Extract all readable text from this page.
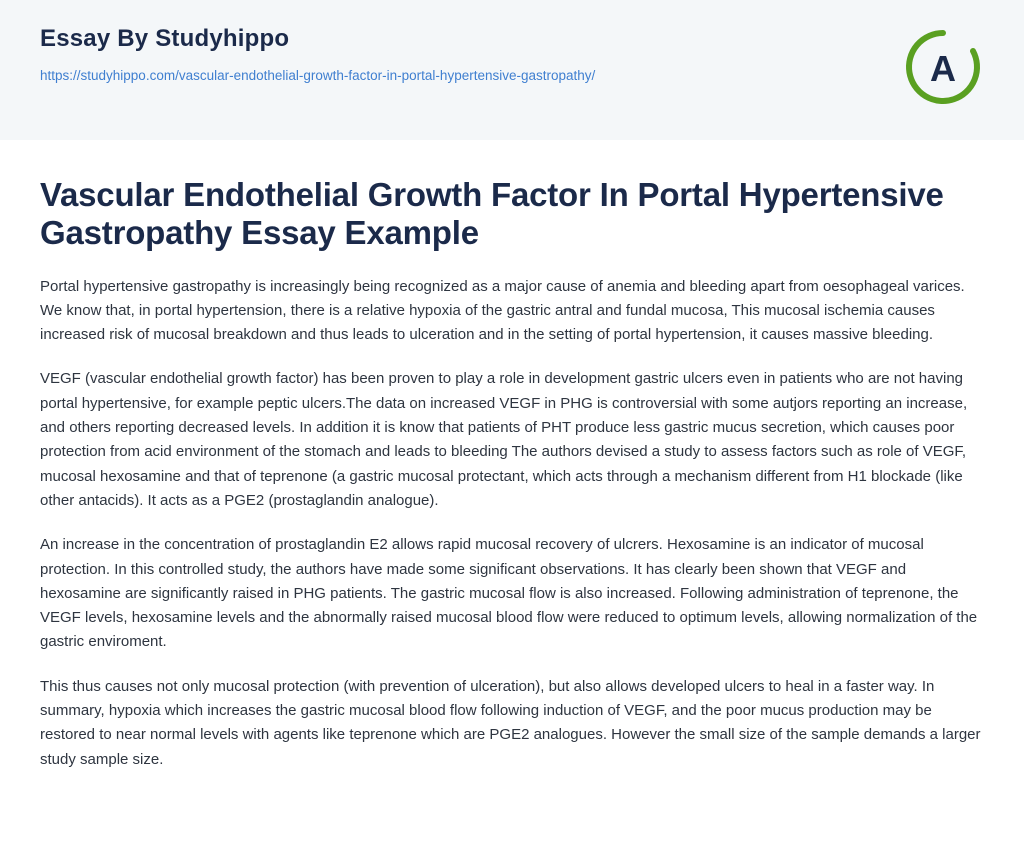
Essay By Studyhippo
https://studyhippo.com/vascular-endothelial-growth-factor-in-portal-hypertensive-gastropathy/	A
Vascular Endothelial Growth Factor In Portal Hypertensive Gastropathy Essay Example

Portal hypertensive gastropathy is increasingly being recognized as a major cause of anemia and bleeding apart from oesophageal varices. We know that, in portal hypertension, there is a relative hypoxia of the gastric antral and fundal mucosa, This mucosal ischemia causes increased risk of mucosal breakdown and thus leads to ulceration and in the setting of portal hypertension, it causes massive bleeding.

VEGF (vascular endothelial growth factor) has been proven to play a role in development gastric ulcers even in patients who are not having portal hypertensive, for example peptic ulcers.The data on increased VEGF in PHG is controversial with some autjors reporting an increase, and others reporting decreased levels. In addition it is know that patients of PHT produce less gastric mucus secretion, which causes poor protection from acid environment of the stomach and leads to bleeding The authors devised a study to assess factors such as role of VEGF, mucosal hexosamine and that of teprenone (a gastric mucosal protectant, which acts through a mechanism different from H1 blockade (like other antacids). It acts as a PGE2 (prostaglandin analogue).

An increase in the concentration of prostaglandin E2 allows rapid mucosal recovery of ulcrers. Hexosamine is an indicator of mucosal protection. In this controlled study, the authors have made some significant observations. It has clearly been shown that VEGF and hexosamine are significantly raised in PHG patients. The gastric mucosal flow is also increased. Following administration of teprenone, the VEGF levels, hexosamine levels and the abnormally raised mucosal blood flow were reduced to optimum levels, allowing normalization of the gastric enviroment.

This thus causes not only mucosal protection (with prevention of ulceration), but also allows developed ulcers to heal in a faster way. In summary, hypoxia which increases the gastric mucosal blood flow following induction of VEGF, and the poor mucus production may be restored to near normal levels with agents like teprenone which are PGE2 analogues. However the small size of the sample demands a larger study sample size.
